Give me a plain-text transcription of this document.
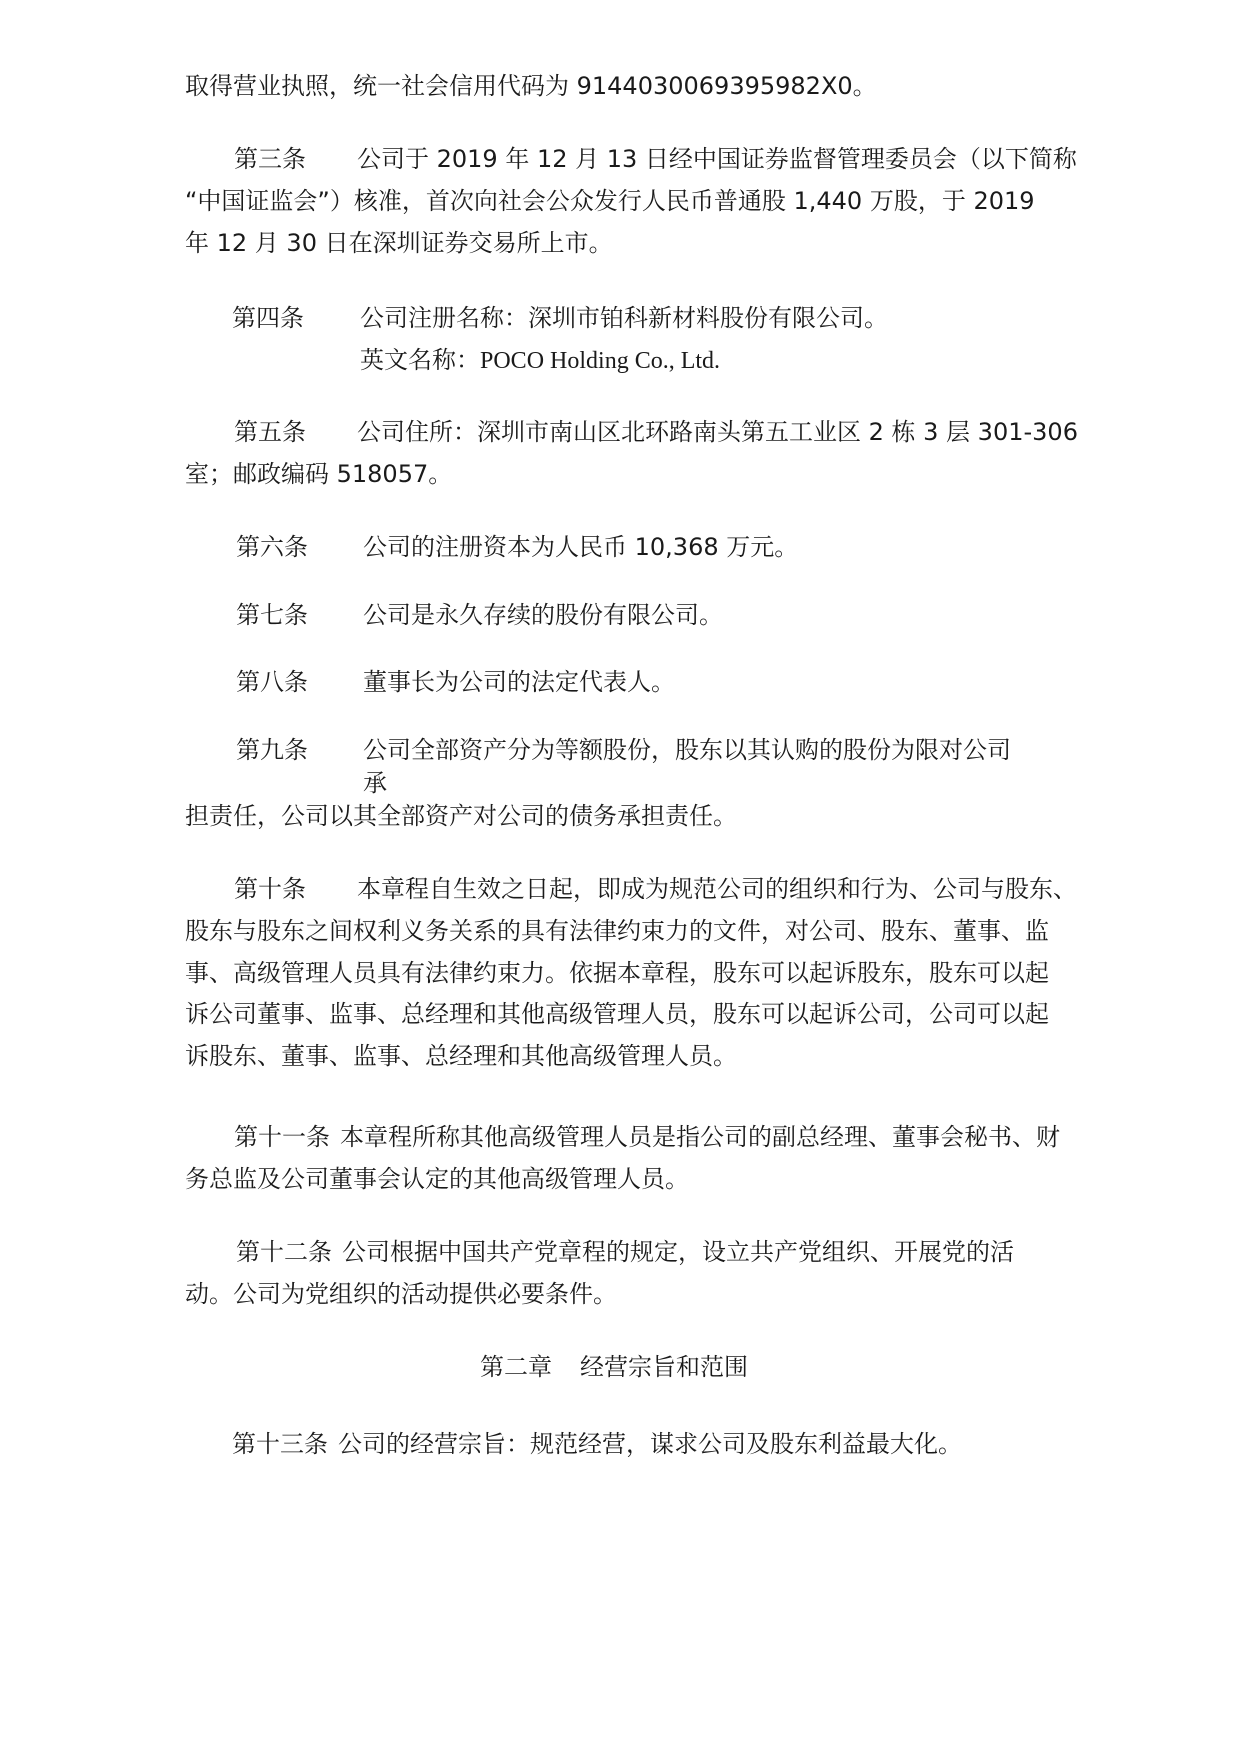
取得营业执照，统一社会信用代码为 9144030069395982X0。
第三条 公司于 2019 年 12 月 13 日经中国证券监督管理委员会（以下简称
“中国证监会”）核准，首次向社会公众发行人民币普通股 1,440 万股，于 2019
年 12 月 30 日在深圳证券交易所上市。
第四条 公司注册名称：深圳市铂科新材料股份有限公司。
英文名称：POCO Holding Co., Ltd.
第五条 公司住所：深圳市南山区北环路南头第五工业区 2 栋 3 层 301-306
室；邮政编码 518057。
第六条 公司的注册资本为人民币 10,368 万元。
第七条 公司是永久存续的股份有限公司。
第八条 董事长为公司的法定代表人。
第九条 公司全部资产分为等额股份，股东以其认购的股份为限对公司
承
担责任，公司以其全部资产对公司的债务承担责任。
第十条 本章程自生效之日起，即成为规范公司的组织和行为、公司与股东、
股东与股东之间权利义务关系的具有法律约束力的文件，对公司、股东、董事、监
事、高级管理人员具有法律约束力。依据本章程，股东可以起诉股东，股东可以起
诉公司董事、监事、总经理和其他高级管理人员，股东可以起诉公司，公司可以起
诉股东、董事、监事、总经理和其他高级管理人员。
第十一条 本章程所称其他高级管理人员是指公司的副总经理、董事会秘书、财
务总监及公司董事会认定的其他高级管理人员。
第十二条 公司根据中国共产党章程的规定，设立共产党组织、开展党的活
动。公司为党组织的活动提供必要条件。
第二章 经营宗旨和范围
第十三条 公司的经营宗旨：规范经营，谋求公司及股东利益最大化。
